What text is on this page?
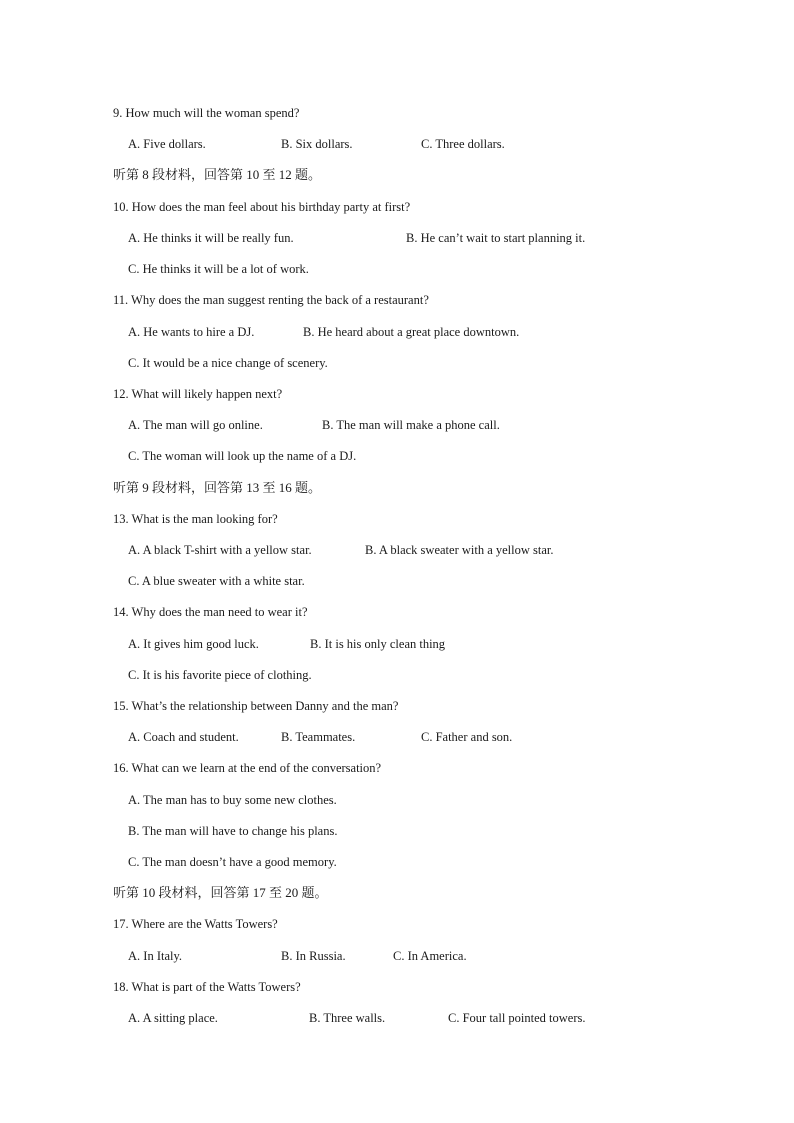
9. How much will the woman spend?
A. Five dollars.	B. Six dollars.	C. Three dollars.
听第 8 段材料，回答第 10 至 12 题。
10. How does the man feel about his birthday party at first?
A. He thinks it will be really fun.	B. He can’t wait to start planning it.
C. He thinks it will be a lot of work.
11. Why does the man suggest renting the back of a restaurant?
A. He wants to hire a DJ.	B. He heard about a great place downtown.
C. It would be a nice change of scenery.
12. What will likely happen next?
A. The man will go online.	B. The man will make a phone call.
C. The woman will look up the name of a DJ.
听第 9 段材料，回答第 13 至 16 题。
13. What is the man looking for?
A. A black T-shirt with a yellow star.	B. A black sweater with a yellow star.
C. A blue sweater with a white star.
14. Why does the man need to wear it?
A. It gives him good luck.	B. It is his only clean thing
C. It is his favorite piece of clothing.
15. What’s the relationship between Danny and the man?
A. Coach and student.	B. Teammates.	C. Father and son.
16. What can we learn at the end of the conversation?
A. The man has to buy some new clothes.
B. The man will have to change his plans.
C. The man doesn’t have a good memory.
听第 10 段材料，回答第 17 至 20 题。
17. Where are the Watts Towers?
A. In Italy.	B. In Russia.	C. In America.
18. What is part of the Watts Towers?
A. A sitting place.	B. Three walls.	C. Four tall pointed towers.
